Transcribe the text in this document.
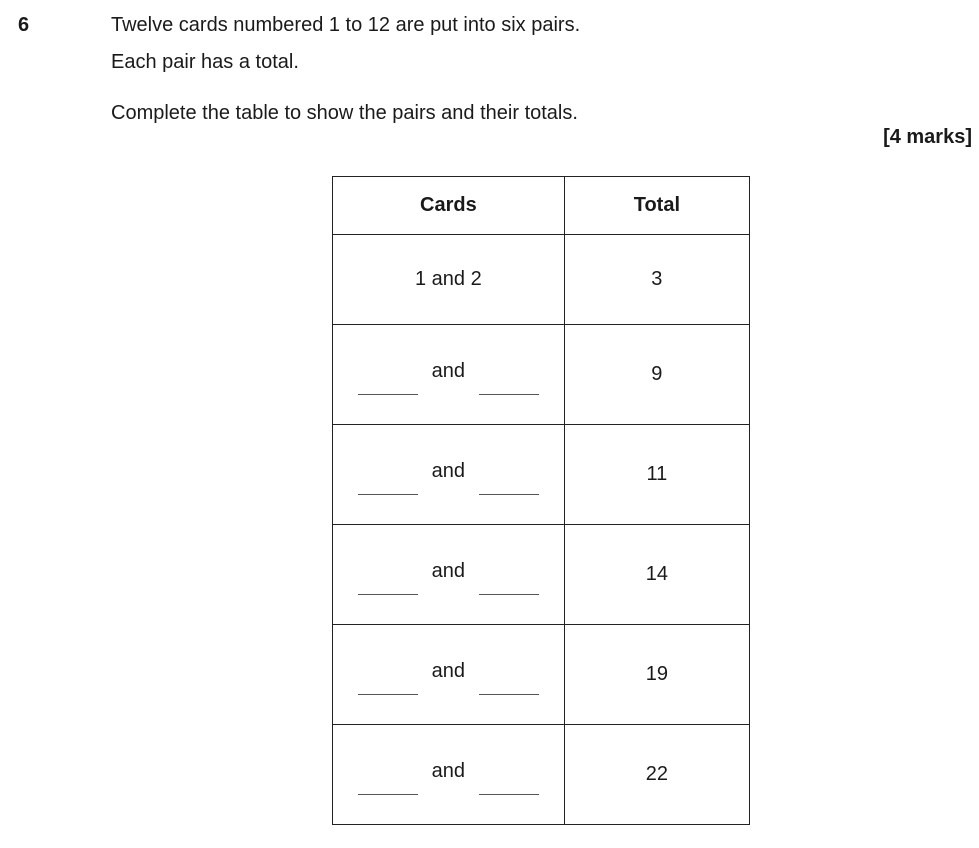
6	Twelve cards numbered 1 to 12 are put into six pairs.
Each pair has a total.
Complete the table to show the pairs and their totals.
[4 marks]
Cards	Total
1 and 2	3

and	9

and	11

and	14

and	19

and	22
